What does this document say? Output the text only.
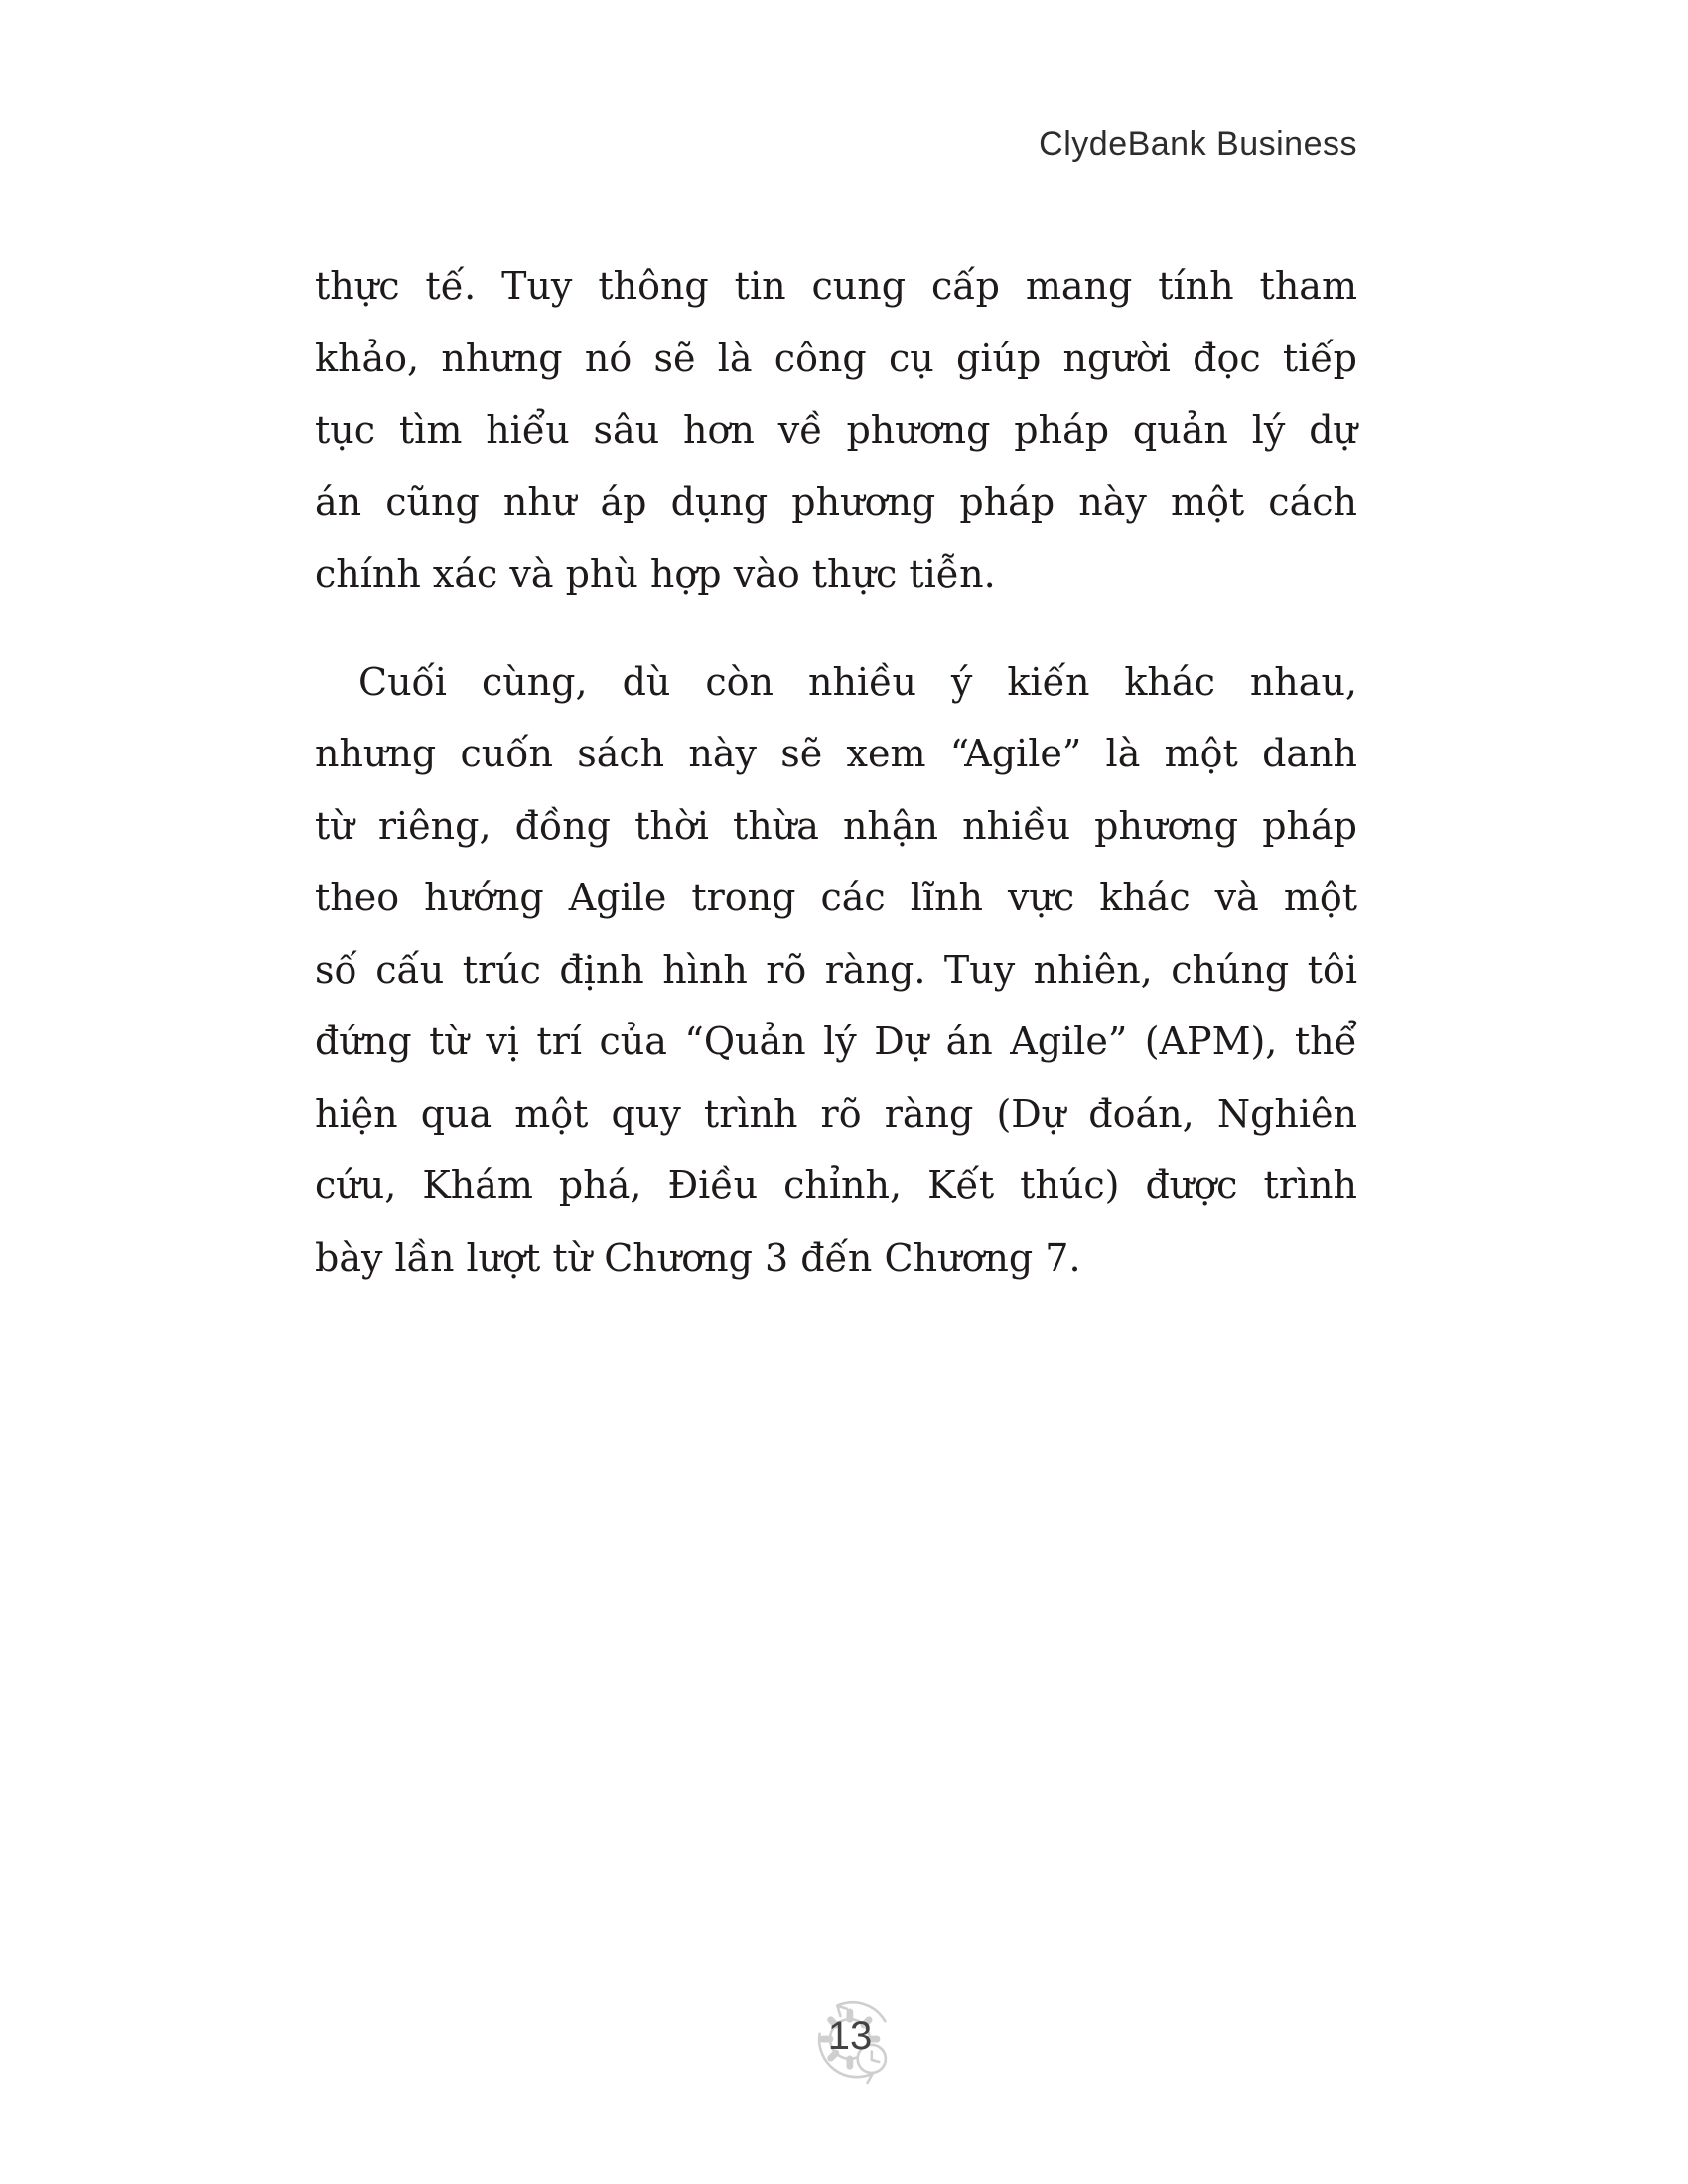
ClydeBank Business
thực tế. Tuy thông tin cung cấp mang tính tham
khảo, nhưng nó sẽ là công cụ giúp người đọc tiếp
tục tìm hiểu sâu hơn về phương pháp quản lý dự
án cũng như áp dụng phương pháp này một cách
chính xác và phù hợp vào thực tiễn.
Cuối cùng, dù còn nhiều ý kiến khác nhau,
nhưng cuốn sách này sẽ xem “Agile” là một danh
từ riêng, đồng thời thừa nhận nhiều phương pháp
theo hướng Agile trong các lĩnh vực khác và một
số cấu trúc định hình rõ ràng. Tuy nhiên, chúng tôi
đứng từ vị trí của “Quản lý Dự án Agile” (APM), thể
hiện qua một quy trình rõ ràng (Dự đoán, Nghiên
cứu, Khám phá, Điều chỉnh, Kết thúc) được trình
bày lần lượt từ Chương 3 đến Chương 7.
13
